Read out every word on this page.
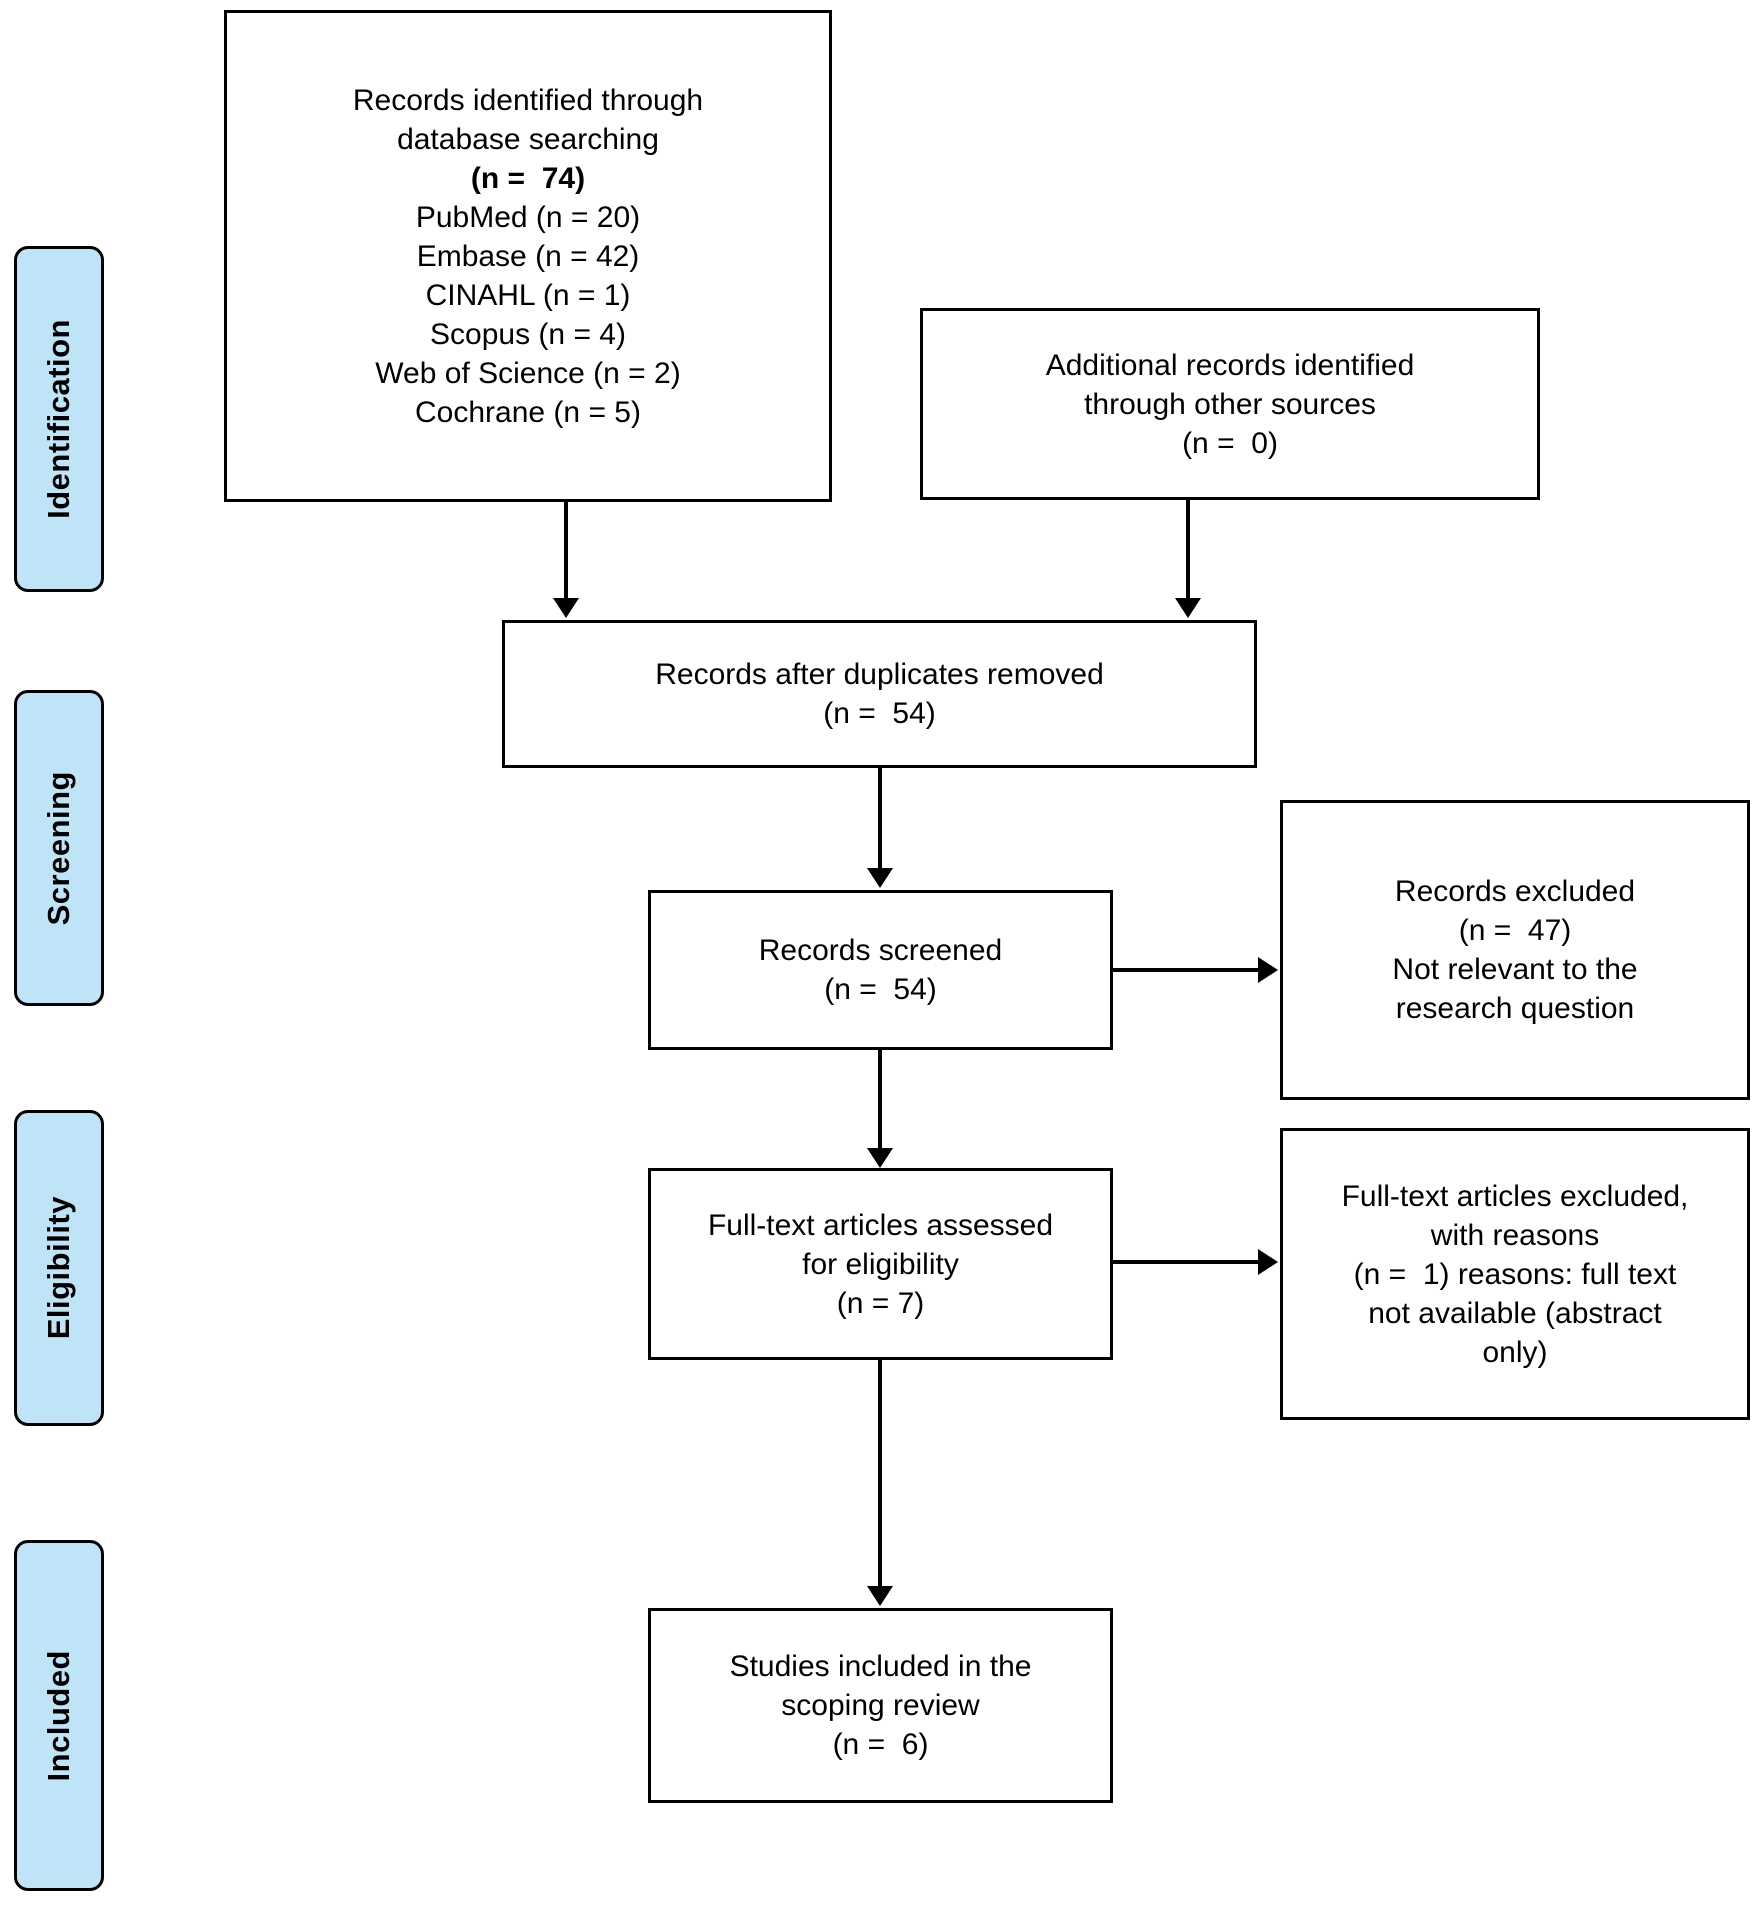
Identification
Screening
Eligibility
Included
Records identified through
database searching
(n =  74)
PubMed (n = 20)
Embase (n = 42)
CINAHL (n = 1)
Scopus (n = 4)
Web of Science (n = 2)
Cochrane (n = 5)
Additional records identified
through other sources
(n =  0)
Records after duplicates removed
(n =  54)
Records screened
(n =  54)
Records excluded
(n =  47)
Not relevant to the
research question
Full-text articles assessed
for eligibility
(n = 7)
Full-text articles excluded,
with reasons
(n =  1) reasons: full text
not available (abstract
only)
Studies included in the
scoping review
(n =  6)
